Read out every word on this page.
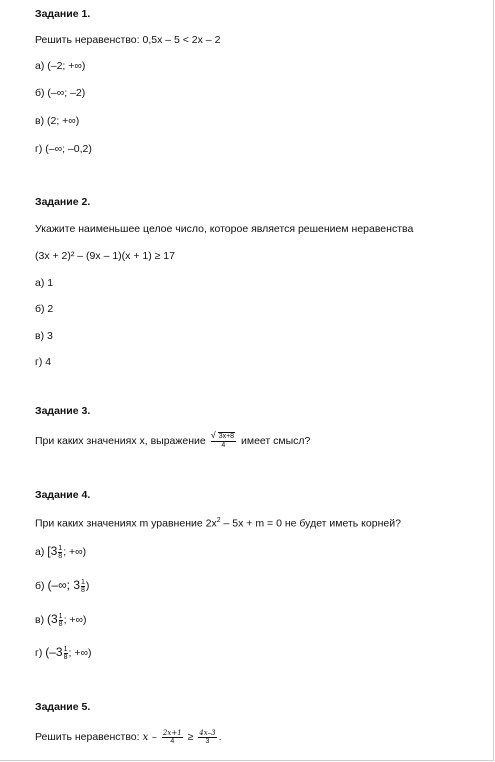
Задание 1.
Решить неравенство: 0,5x – 5 < 2x – 2
а) (–2; +∞)
б) (–∞; –2)
в) (2; +∞)
г) (–∞; –0,2)
Задание 2.
Укажите наименьшее целое число, которое является решением неравенства
(3x + 2)² – (9x – 1)(x + 1) ≥ 17
а) 1
б) 2
в) 3
г) 4
Задание 3.
При каких значениях x, выражение
√ $\frac{3x+8}{4}$ имеет смысл?
Задание 4.
При каких значениях m уравнение $2x^2 - 5x + m = 0$ не будет иметь корней?
а) [$3 \frac{1}{8}$ ; +∞)
б) (–∞; $3 \frac{1}{8}$ )
в) ($3 \frac{1}{8}$ ; +∞)
г) ($-3 \frac{1}{8}$ ; +∞)
Задание 5.
Решить неравенство: $x - \frac{2x+1}{4} \ge \frac{4x-3}{3}$ .
